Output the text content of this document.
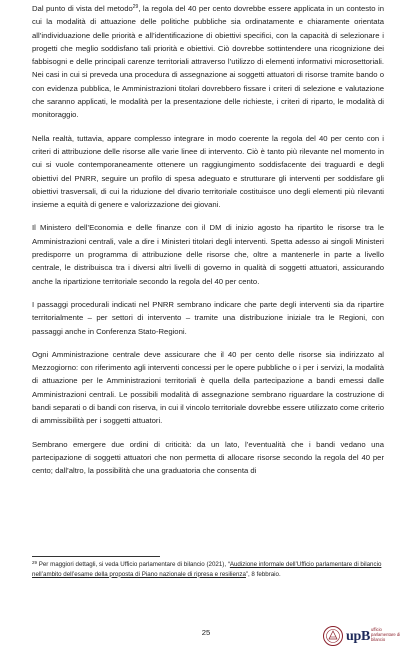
Dal punto di vista del metodo$^{29}$, la regola del 40 per cento dovrebbe essere applicata in un contesto in cui la modalità di attuazione delle politiche pubbliche sia ordinatamente e chiaramente orientata all’individuazione delle priorità e all’identificazione di obiettivi specifici, con la capacità di selezionare i progetti che meglio soddisfano tali priorità e obiettivi. Ciò dovrebbe sottintendere una ricognizione dei fabbisogni e delle principali carenze territoriali attraverso l’utilizzo di elementi informativi microsettoriali. Nei casi in cui si preveda una procedura di assegnazione ai soggetti attuatori di risorse tramite bando o con evidenza pubblica, le Amministrazioni titolari dovrebbero fissare i criteri di selezione e valutazione che saranno applicati, le modalità per la presentazione delle richieste, i criteri di riparto, le modalità di monitoraggio.

Nella realtà, tuttavia, appare complesso integrare in modo coerente la regola del 40 per cento con i criteri di attribuzione delle risorse alle varie linee di intervento. Ciò è tanto più rilevante nel momento in cui si vuole contemporaneamente ottenere un raggiungimento soddisfacente dei traguardi e degli obiettivi del PNRR, seguire un profilo di spesa adeguato e strutturare gli interventi per soddisfare gli obiettivi trasversali, di cui la riduzione del divario territoriale costituisce uno degli elementi più rilevanti insieme a equità di genere e valorizzazione dei giovani.

Il Ministero dell’Economia e delle finanze con il DM di inizio agosto ha ripartito le risorse tra le Amministrazioni centrali, vale a dire i Ministeri titolari degli interventi. Spetta adesso ai singoli Ministeri predisporre un programma di attribuzione delle risorse che, oltre a mantenerle in parte a livello centrale, le distribuisca tra i diversi altri livelli di governo in qualità di soggetti attuatori, assicurando anche la ripartizione territoriale secondo la regola del 40 per cento.

I passaggi procedurali indicati nel PNRR sembrano indicare che parte degli interventi sia da ripartire territorialmente – per settori di intervento – tramite una distribuzione iniziale tra le Regioni, con passaggi anche in Conferenza Stato-Regioni.

Ogni Amministrazione centrale deve assicurare che il 40 per cento delle risorse sia indirizzato al Mezzogiorno: con riferimento agli interventi concessi per le opere pubbliche o i per i servizi, la modalità di attuazione per le Amministrazioni territoriali è quella della partecipazione a bandi emessi dalle Amministrazioni centrali. Le possibili modalità di assegnazione sembrano riguardare la costruzione di bandi separati o di bandi con riserva, in cui il vincolo territoriale dovrebbe essere utilizzato come criterio di ammissibilità per i soggetti attuatori.

Sembrano emergere due ordini di criticità: da un lato, l’eventualità che i bandi vedano una partecipazione di soggetti attuatori che non permetta di allocare risorse secondo la regola del 40 per cento; dall’altro, la possibilità che una graduatoria che consenta di

$^{29}$ Per maggiori dettagli, si veda Ufficio parlamentare di bilancio (2021), “Audizione informale dell’Ufficio parlamentare di bilancio nell’ambito dell’esame della proposta di Piano nazionale di ripresa e resilienza”, 8 febbraio.

25	upB ufficio parlamentare di bilancio
